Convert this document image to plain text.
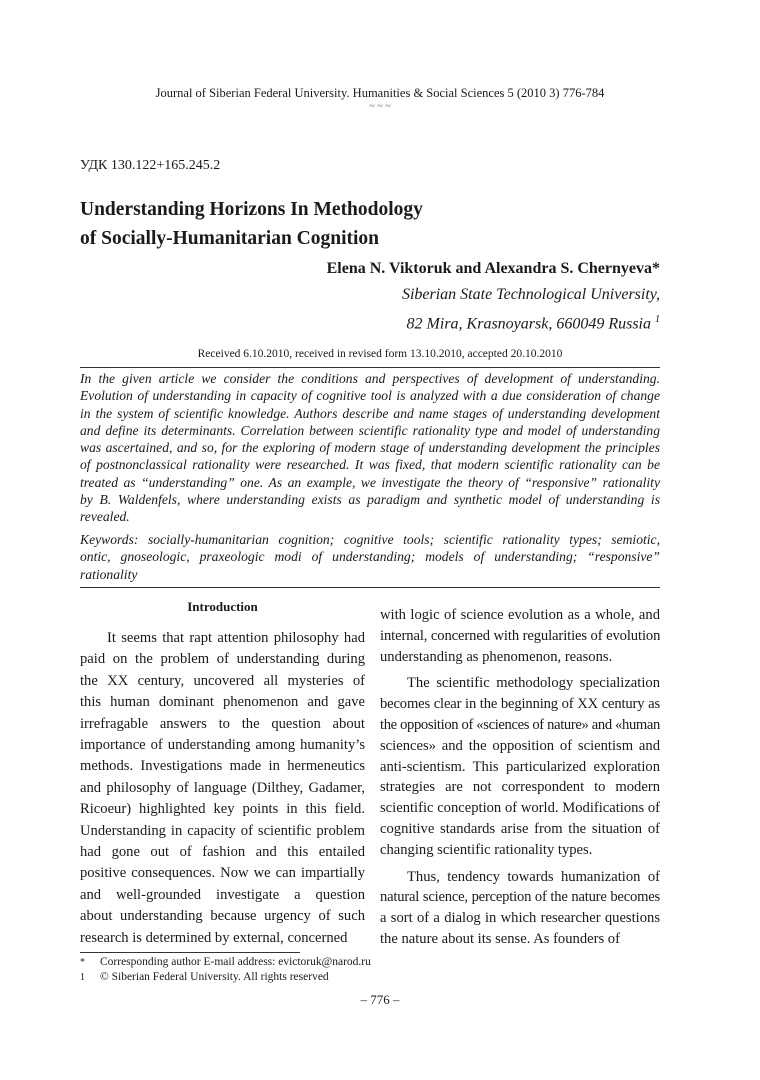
Journal of Siberian Federal University. Humanities & Social Sciences 5 (2010 3) 776-784
~ ~ ~
УДК 130.122+165.245.2
Understanding Horizons In Methodology
of Socially-Humanitarian Cognition
Elena N. Viktoruk and Alexandra S. Chernyeva*
Siberian State Technological University,
82 Mira, Krasnoyarsk, 660049 Russia $^1$
Received 6.10.2010, received in revised form 13.10.2010, accepted 20.10.2010
In the given article we consider the conditions and perspectives of development of understanding.
Evolution of understanding in capacity of cognitive tool is analyzed with a due consideration of change
in the system of scientific knowledge. Authors describe and name stages of understanding development
and define its determinants. Correlation between scientific rationality type and model of understanding
was ascertained, and so, for the exploring of modern stage of understanding development the principles
of postnonclassical rationality were researched. It was fixed, that modern scientific rationality can be
treated as “understanding” one. As an example, we investigate the theory of “responsive” rationality
by B. Waldenfels, where understanding exists as paradigm and synthetic model of understanding is
revealed.
Keywords: socially-humanitarian cognition; cognitive tools; scientific rationality types; semiotic,
ontic, gnoseologic, praxeologic modi of understanding; models of understanding; “responsive”
rationality
Introduction
It seems that rapt attention philosophy had
paid on the problem of understanding during
the XX century, uncovered all mysteries of
this human dominant phenomenon and gave
irrefragable answers to the question about
importance of understanding among humanity’s
methods. Investigations made in hermeneutics
and philosophy of language (Dilthey, Gadamer,
Ricoeur) highlighted key points in this field.
Understanding in capacity of scientific problem
had gone out of fashion and this entailed
positive consequences. Now we can impartially
and well-grounded investigate a question
about understanding because urgency of such
research is determined by external, concerned
with logic of science evolution as a whole, and
internal, concerned with regularities of evolution
understanding as phenomenon, reasons.
The scientific methodology specialization
becomes clear in the beginning of XX century as
the opposition of «sciences of nature» and «human
sciences» and the opposition of scientism and
anti-scientism. This particularized exploration
strategies are not correspondent to modern
scientific conception of world. Modifications of
cognitive standards arise from the situation of
changing scientific rationality types.
Thus, tendency towards humanization of
natural science, perception of the nature becomes
a sort of a dialog in which researcher questions
the nature about its sense. As founders of
* Corresponding author E-mail address: evictoruk@narod.ru
1 © Siberian Federal University. All rights reserved
– 776 –
